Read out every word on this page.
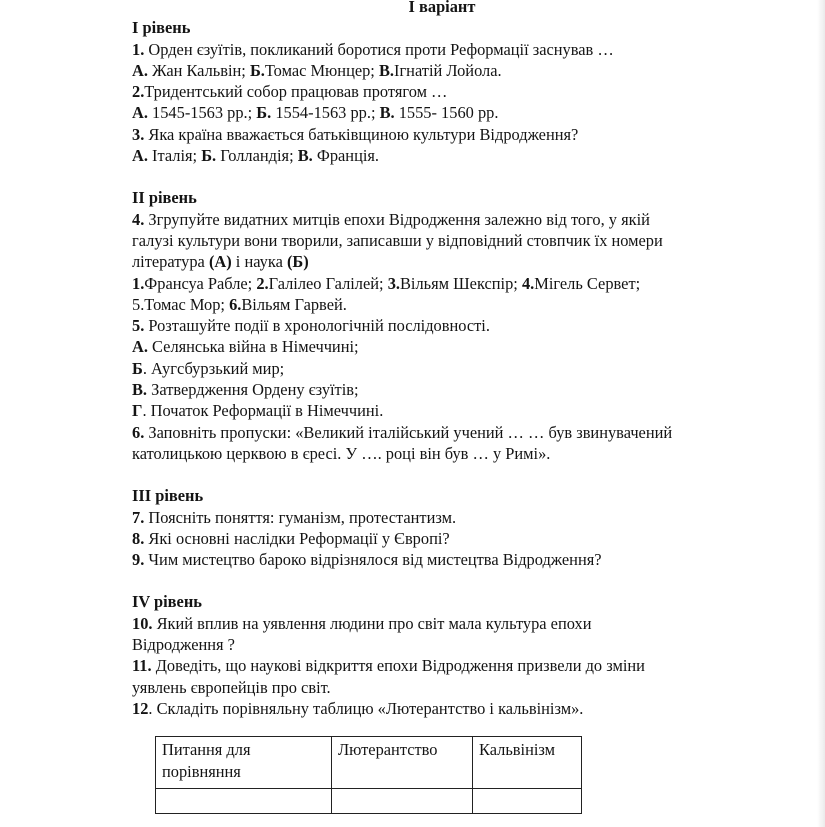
І варіант
І рівень
1. Орден єзуїтів, покликаний боротися проти Реформації заснував …
А. Жан Кальвін; Б.Томас Мюнцер; В.Ігнатій Лойола.
2.Тридентський собор працював протягом …
А. 1545-1563 рр.; Б. 1554-1563 рр.; В. 1555- 1560 рр.
3. Яка країна вважається батьківщиною культури Відродження?
А. Італія; Б. Голландія; В. Франція.
ІІ рівень
4. Згрупуйте видатних митців епохи Відродження залежно від того, у якій
галузі культури вони творили, записавши у відповідний стовпчик їх номери
література (А) і наука (Б)
1.Франсуа Рабле; 2.Галілео Галілей; 3.Вільям Шекспір; 4.Мігель Сервет;
5.Томас Мор; 6.Вільям Гарвей.
5. Розташуйте події в хронологічній послідовності.
А. Селянська війна в Німеччині;
Б. Аугсбурзький мир;
В. Затвердження Ордену єзуїтів;
Г. Початок Реформації в Німеччині.
6. Заповніть пропуски: «Великий італійський учений … … був звинувачений
католицькою церквою в єресі. У …. році він був … у Римі».
ІІІ рівень
7. Поясніть поняття: гуманізм, протестантизм.
8. Які основні наслідки Реформації у Європі?
9. Чим мистецтво бароко відрізнялося від мистецтва Відродження?
IV рівень
10. Який вплив на уявлення людини про світ мала культура епохи
Відродження ?
11. Доведіть, що наукові відкриття епохи Відродження призвели до зміни
уявлень європейців про світ.
12. Складіть порівняльну таблицю «Лютерантство і кальвінізм».
Питання для порівняння	Лютерантство	Кальвінізм
